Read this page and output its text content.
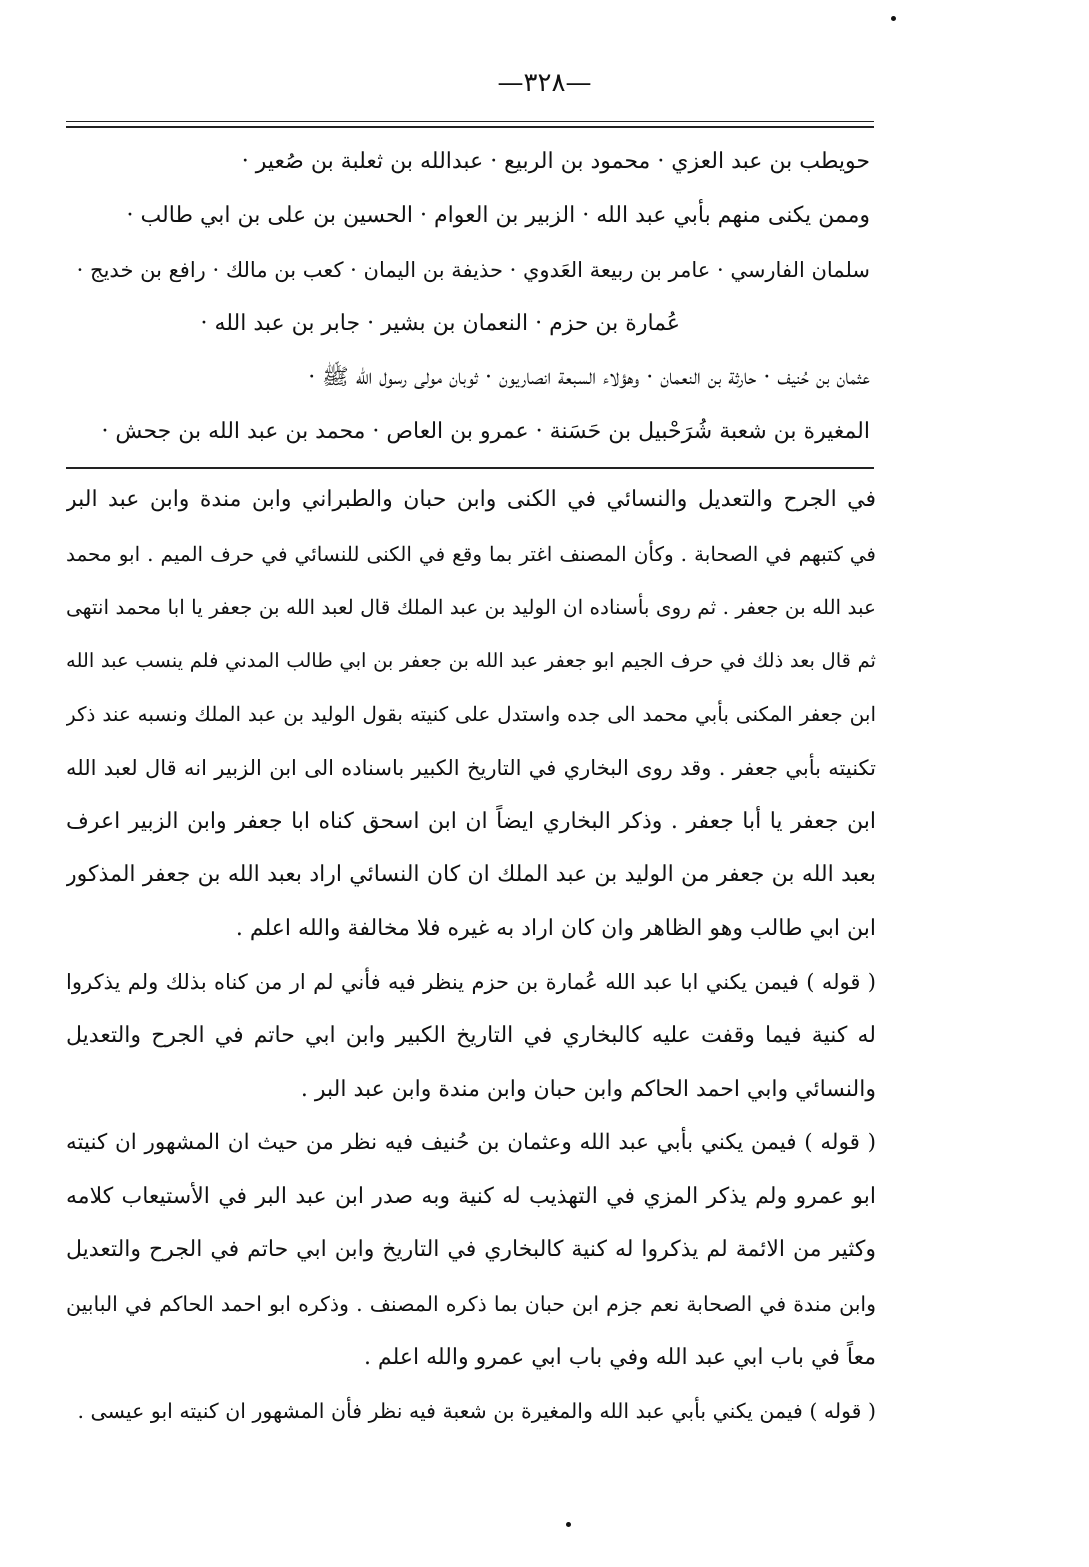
—٣٢٨—
حويطب بن عبد العزي · محمود بن الربيع · عبدالله بن ثعلبة بن صُعير ·
وممن يكنى منهم بأبي عبد الله · الزبير بن العوام · الحسين بن على بن ابي طالب ·
سلمان الفارسي · عامر بن ربيعة العَدوي · حذيفة بن اليمان · كعب بن مالك · رافع بن خديج ·
عُمارة بن حزم · النعمان بن بشير · جابر بن عبد الله ·
عثمان بن حُنيف · حارثة بن النعمان · وهؤلاء السبعة انصاريون · ثوبان مولى رسول الله ﷺ ·
المغيرة بن شعبة شُرَحْبيل بن حَسَنة · عمرو بن العاص · محمد بن عبد الله بن جحش ·
في الجرح والتعديل والنسائي في الكنى وابن حبان والطبراني وابن مندة وابن عبد البر
في كتبهم في الصحابة . وكأن المصنف اغتر بما وقع في الكنى للنسائي في حرف الميم . ابو محمد
عبد الله بن جعفر . ثم روى بأسناده ان الوليد بن عبد الملك قال لعبد الله بن جعفر يا ابا محمد انتهى
ثم قال بعد ذلك في حرف الجيم ابو جعفر عبد الله بن جعفر بن ابي طالب المدني فلم ينسب عبد الله
ابن جعفر المكنى بأبي محمد الى جده واستدل على كنيته بقول الوليد بن عبد الملك ونسبه عند ذكر
تكنيته بأبي جعفر . وقد روى البخاري في التاريخ الكبير باسناده الى ابن الزبير انه قال لعبد الله
ابن جعفر يا أبا جعفر . وذكر البخاري ايضاً ان ابن اسحق كناه ابا جعفر وابن الزبير اعرف
بعبد الله بن جعفر من الوليد بن عبد الملك ان كان النسائي اراد بعبد الله بن جعفر المذكور
ابن ابي طالب وهو الظاهر وان كان اراد به غيره فلا مخالفة والله اعلم .
( قوله ) فيمن يكني ابا عبد الله عُمارة بن حزم ينظر فيه فأني لم ار من كناه بذلك ولم يذكروا
له كنية فيما وقفت عليه كالبخاري في التاريخ الكبير وابن ابي حاتم في الجرح والتعديل
والنسائي وابي احمد الحاكم وابن حبان وابن مندة وابن عبد البر .
( قوله ) فيمن يكني بأبي عبد الله وعثمان بن حُنيف فيه نظر من حيث ان المشهور ان كنيته
ابو عمرو ولم يذكر المزي في التهذيب له كنية وبه صدر ابن عبد البر في الأستيعاب كلامه
وكثير من الائمة لم يذكروا له كنية كالبخاري في التاريخ وابن ابي حاتم في الجرح والتعديل
وابن مندة في الصحابة نعم جزم ابن حبان بما ذكره المصنف . وذكره ابو احمد الحاكم في البابين
معاً في باب ابي عبد الله وفي باب ابي عمرو والله اعلم .
( قوله ) فيمن يكني بأبي عبد الله والمغيرة بن شعبة فيه نظر فأن المشهور ان كنيته ابو عيسى .
